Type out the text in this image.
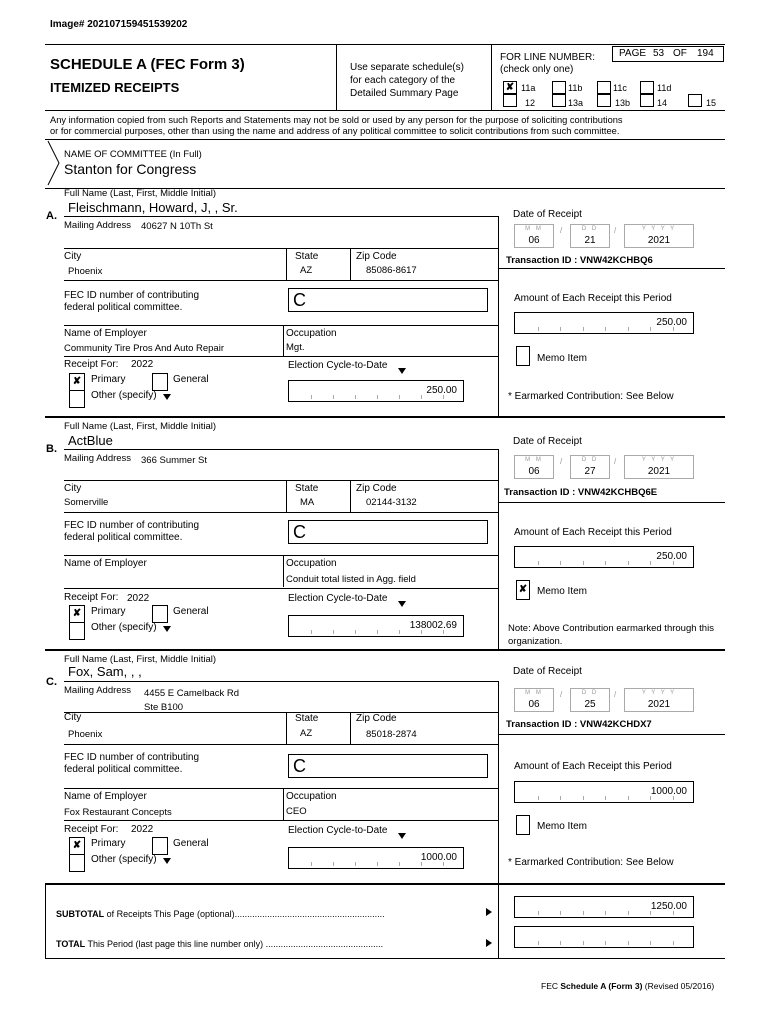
Image# 202107159451539202
SCHEDULE A (FEC Form 3)
ITEMIZED RECEIPTS
Use separate schedule(s)
for each category of the
Detailed Summary Page
FOR LINE NUMBER:
(check only one)
PAGE 53 OF 194
✘ 11a	11b	11c	11d
12	13a	13b	14	15
Any information copied from such Reports and Statements may not be sold or used by any person for the purpose of soliciting contributions
or for commercial purposes, other than using the name and address of any political committee to solicit contributions from such committee.
NAME OF COMMITTEE (In Full)
Stanton for Congress
Full Name (Last, First, Middle Initial)
A.
Fleischmann, Howard, J, , Sr.
Mailing Address 40627 N 10Th St
City
Phoenix
State
AZ
Zip Code
85086-8617
FEC ID number of contributing
federal political committee.	C
Name of Employer
Community Tire Pros And Auto Repair
Occupation
Mgt.
Receipt For: 2022
✘ Primary	General
Other (specify)
Election Cycle-to-Date
250.00
Date of Receipt
M M
06
/	D D
21
/	Y Y Y Y
2021
Transaction ID : VNW42KCHBQ6
Amount of Each Receipt this Period
250.00
Memo Item
* Earmarked Contribution: See Below
Full Name (Last, First, Middle Initial)
B.
ActBlue
Mailing Address 366 Summer St
City
Somerville
State
MA
Zip Code
02144-3132
FEC ID number of contributing
federal political committee.	C
Name of Employer	Occupation
Conduit total listed in Agg. field
Receipt For: 2022
✘ Primary	General
Other (specify)
Election Cycle-to-Date
138002.69
Date of Receipt
M M
06
/	D D
27
/	Y Y Y Y
2021
Transaction ID : VNW42KCHBQ6E
Amount of Each Receipt this Period
250.00
✘ Memo Item
Note: Above Contribution earmarked through this
organization.
Full Name (Last, First, Middle Initial)
C.
Fox, Sam, , ,
Mailing Address 4455 E Camelback Rd
Ste B100
City
Phoenix
State
AZ
Zip Code
85018-2874
FEC ID number of contributing
federal political committee.	C
Name of Employer
Fox Restaurant Concepts
Occupation
CEO
Receipt For: 2022
✘ Primary	General
Other (specify)
Election Cycle-to-Date
1000.00
Date of Receipt
M M
06
/	D D
25
/	Y Y Y Y
2021
Transaction ID : VNW42KCHDX7
Amount of Each Receipt this Period
1000.00
Memo Item
* Earmarked Contribution: See Below
SUBTOTAL of Receipts This Page (optional)............................................................
1250.00
TOTAL This Period (last page this line number only) ...............................................
FEC Schedule A (Form 3) (Revised 05/2016)
